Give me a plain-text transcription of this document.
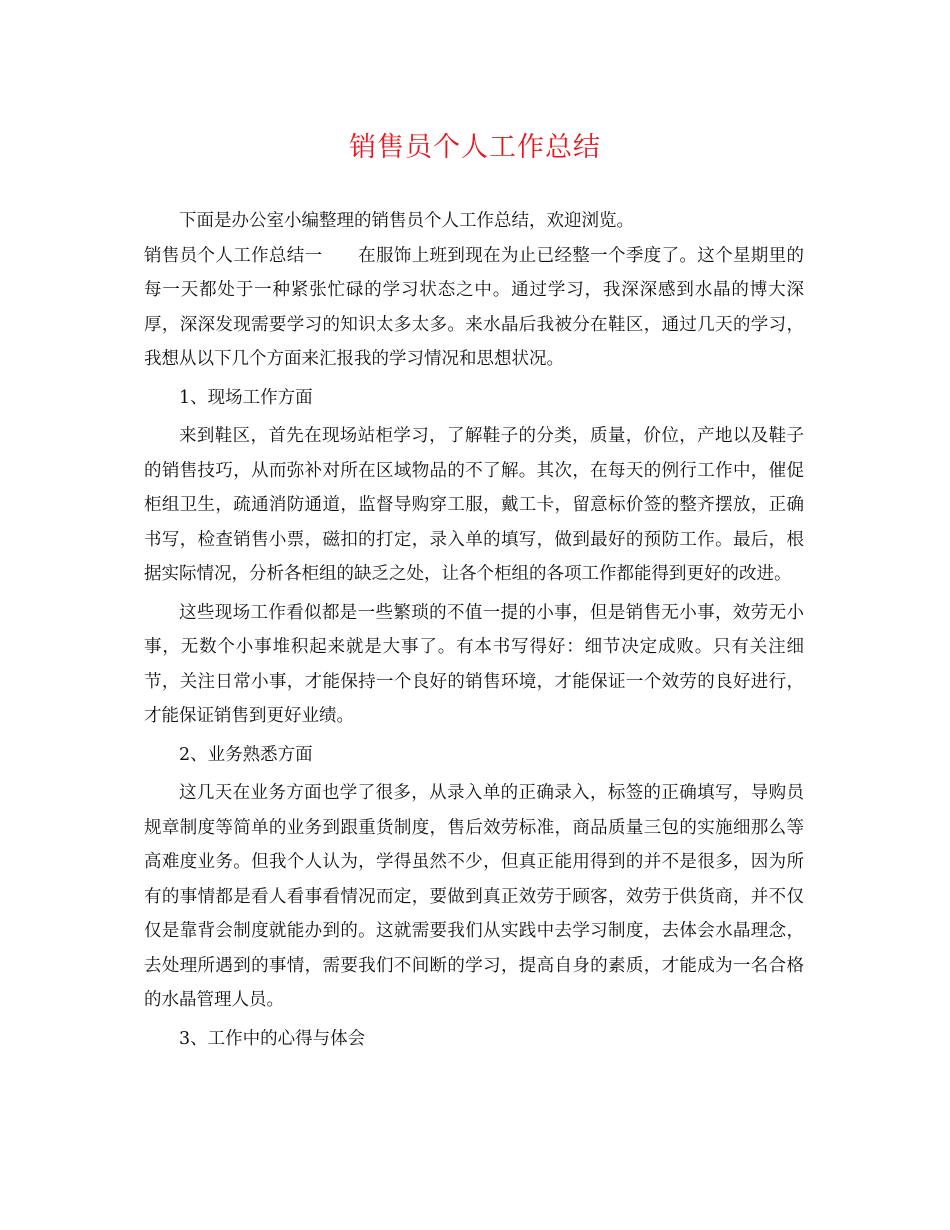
销售员个人工作总结

下面是办公室小编整理的销售员个人工作总结，欢迎浏览。

销售员个人工作总结一　　在服饰上班到现在为止已经整一个季度了。这个星期里的每一天都处于一种紧张忙碌的学习状态之中。通过学习，我深深感到水晶的博大深厚，深深发现需要学习的知识太多太多。来水晶后我被分在鞋区，通过几天的学习，我想从以下几个方面来汇报我的学习情况和思想状况。

1、现场工作方面

来到鞋区，首先在现场站柜学习，了解鞋子的分类，质量，价位，产地以及鞋子的销售技巧，从而弥补对所在区域物品的不了解。其次，在每天的例行工作中，催促柜组卫生，疏通消防通道，监督导购穿工服，戴工卡，留意标价签的整齐摆放，正确书写，检查销售小票，磁扣的打定，录入单的填写，做到最好的预防工作。最后，根据实际情况，分析各柜组的缺乏之处，让各个柜组的各项工作都能得到更好的改进。

这些现场工作看似都是一些繁琐的不值一提的小事，但是销售无小事，效劳无小事，无数个小事堆积起来就是大事了。有本书写得好：细节决定成败。只有关注细节，关注日常小事，才能保持一个良好的销售环境，才能保证一个效劳的良好进行，才能保证销售到更好业绩。

2、业务熟悉方面

这几天在业务方面也学了很多，从录入单的正确录入，标签的正确填写，导购员规章制度等简单的业务到跟重货制度，售后效劳标准，商品质量三包的实施细那么等高难度业务。但我个人认为，学得虽然不少，但真正能用得到的并不是很多，因为所有的事情都是看人看事看情况而定，要做到真正效劳于顾客，效劳于供货商，并不仅仅是靠背会制度就能办到的。这就需要我们从实践中去学习制度，去体会水晶理念，去处理所遇到的事情，需要我们不间断的学习，提高自身的素质，才能成为一名合格的水晶管理人员。

3、工作中的心得与体会
